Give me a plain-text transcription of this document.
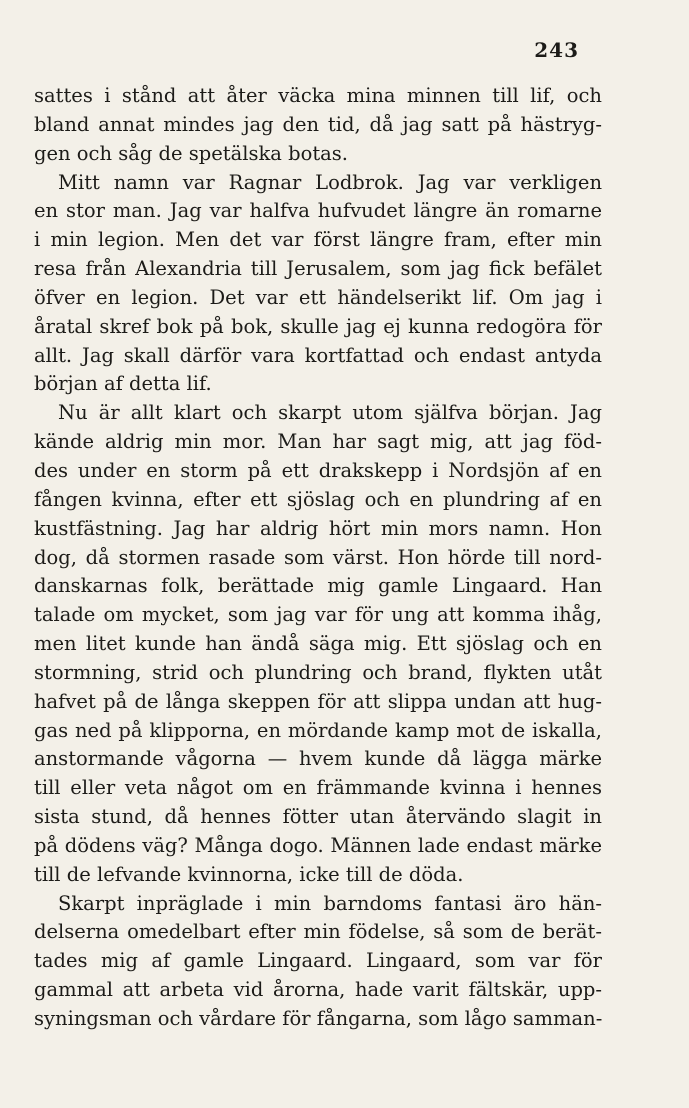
243
sattes i stånd att åter väcka mina minnen till lif, och
bland annat mindes jag den tid, då jag satt på hästryg-
gen och såg de spetälska botas.
Mitt namn var Ragnar Lodbrok. Jag var verkligen
en stor man. Jag var halfva hufvudet längre än romarne
i min legion. Men det var först längre fram, efter min
resa från Alexandria till Jerusalem, som jag fick befälet
öfver en legion. Det var ett händelserikt lif. Om jag i
åratal skref bok på bok, skulle jag ej kunna redogöra för
allt. Jag skall därför vara kortfattad och endast antyda
början af detta lif.
Nu är allt klart och skarpt utom själfva början. Jag
kände aldrig min mor. Man har sagt mig, att jag föd-
des under en storm på ett drakskepp i Nordsjön af en
fången kvinna, efter ett sjöslag och en plundring af en
kustfästning. Jag har aldrig hört min mors namn. Hon
dog, då stormen rasade som värst. Hon hörde till nord-
danskarnas folk, berättade mig gamle Lingaard. Han
talade om mycket, som jag var för ung att komma ihåg,
men litet kunde han ändå säga mig. Ett sjöslag och en
stormning, strid och plundring och brand, flykten utåt
hafvet på de långa skeppen för att slippa undan att hug-
gas ned på klipporna, en mördande kamp mot de iskalla,
anstormande vågorna — hvem kunde då lägga märke
till eller veta något om en främmande kvinna i hennes
sista stund, då hennes fötter utan återvändo slagit in
på dödens väg? Många dogo. Männen lade endast märke
till de lefvande kvinnorna, icke till de döda.
Skarpt inpräglade i min barndoms fantasi äro hän-
delserna omedelbart efter min födelse, så som de berät-
tades mig af gamle Lingaard. Lingaard, som var för
gammal att arbeta vid årorna, hade varit fältskär, upp-
syningsman och vårdare för fångarna, som lågo samman-
